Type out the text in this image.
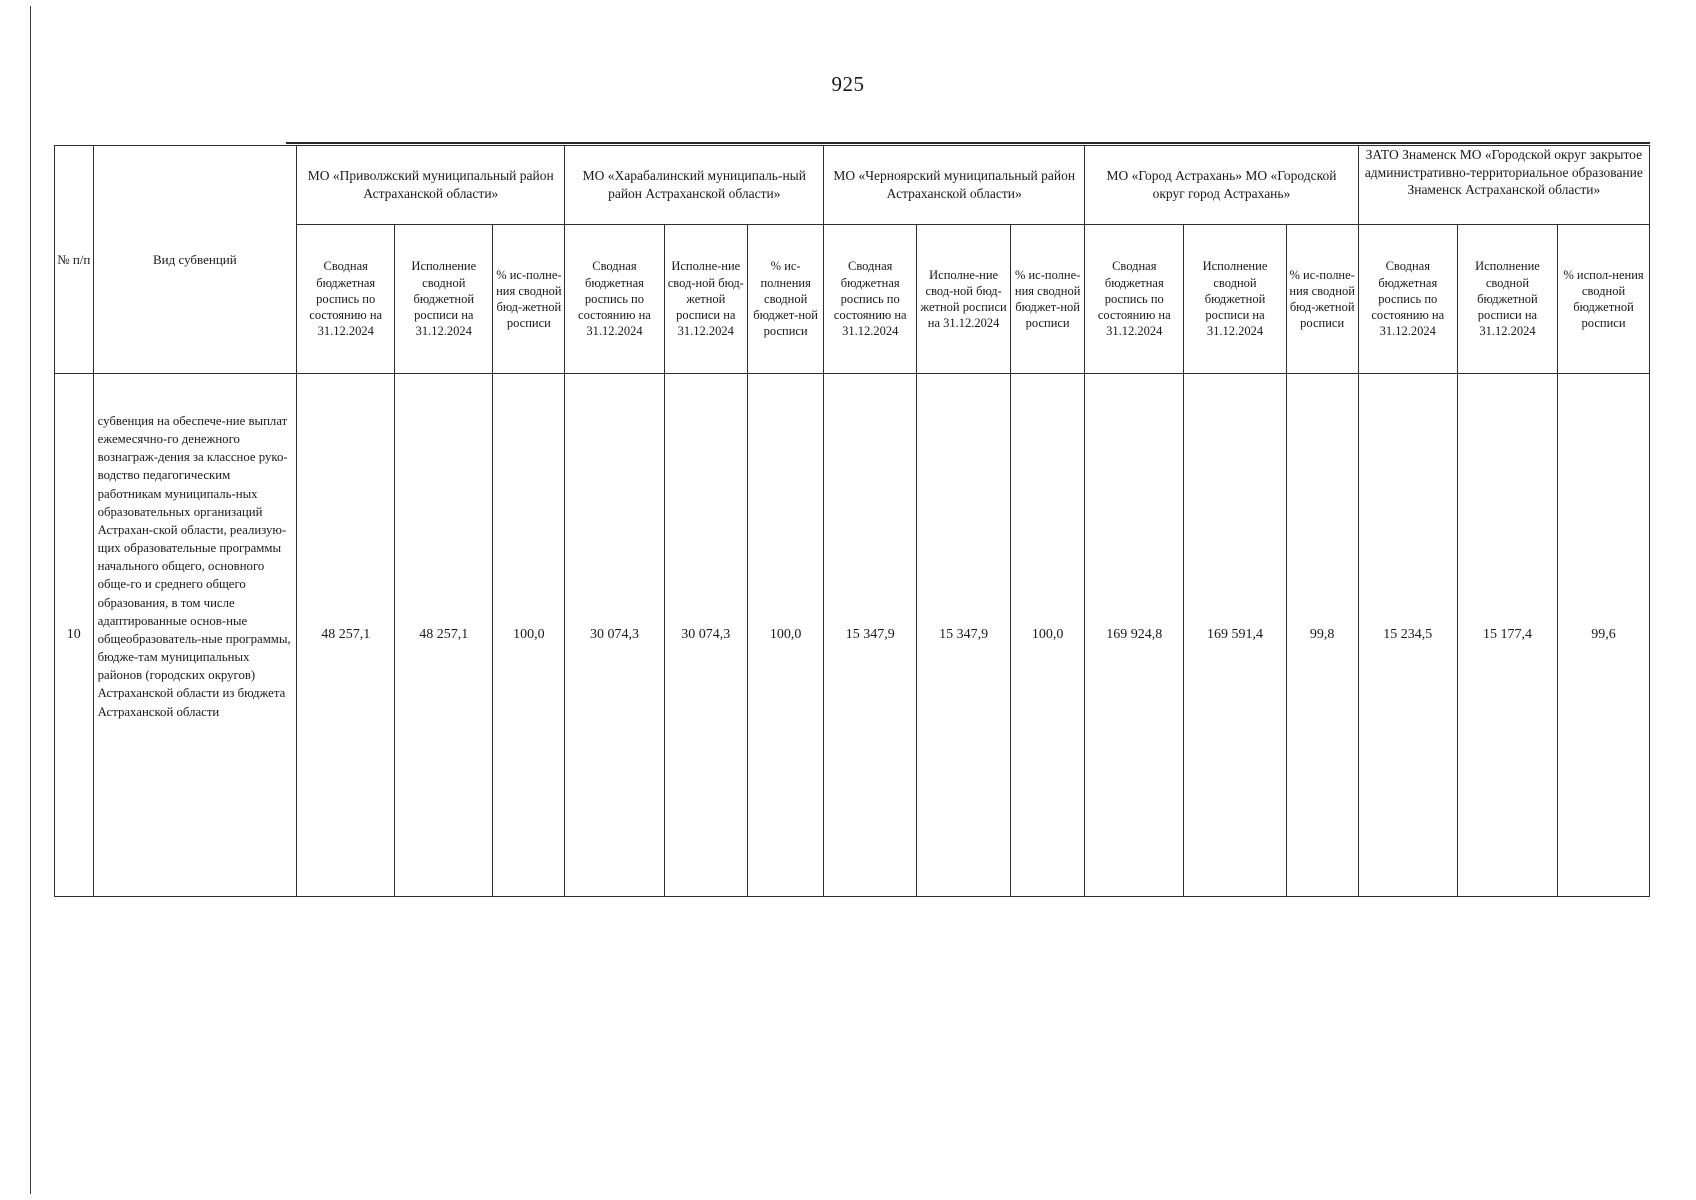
925
№ п/п	Вид субвенций	МО «Приволжский муниципальный район Астраханской области»			МО «Харабалинский муниципаль-ный район Астраханской области»			МО «Черноярский муниципальный район Астраханской области»			МО «Город Астрахань» МО «Городской округ город Астрахань»			ЗАТО Знаменск МО «Городской округ закрытое административно-территориальное образование Знаменск Астраханской области»		
		Сводная бюджетная роспись по состоянию на 31.12.2024	Исполнение сводной бюджетной росписи на 31.12.2024	% ис-полне-ния сводной бюд-жетной росписи	Сводная бюджетная роспись по состоянию на 31.12.2024	Исполне-ние свод-ной бюд-жетной росписи на 31.12.2024	% ис-полнения сводной бюджет-ной росписи	Сводная бюджетная роспись по состоянию на 31.12.2024	Исполне-ние свод-ной бюд-жетной росписи на 31.12.2024	% ис-полне-ния сводной бюджет-ной росписи	Сводная бюджетная роспись по состоянию на 31.12.2024	Исполнение сводной бюджетной росписи на 31.12.2024	% ис-полне-ния сводной бюд-жетной росписи	Сводная бюджетная роспись по состоянию на 31.12.2024	Исполнение сводной бюджетной росписи на 31.12.2024	% испол-нения сводной бюджетной росписи
10	субвенция на обеспече-ние выплат ежемесячно-го денежного вознаграж-дения за классное руко-водство педагогическим работникам муниципаль-ных образовательных организаций Астрахан-ской области, реализую-щих образовательные программы начального общего, основного обще-го и среднего общего образования, в том числе адаптированные основ-ные общеобразователь-ные программы, бюдже-там муниципальных районов (городских округов) Астраханской области из бюджета Астраханской области	48 257,1	48 257,1	100,0	30 074,3	30 074,3	100,0	15 347,9	15 347,9	100,0	169 924,8	169 591,4	99,8	15 234,5	15 177,4	99,6
